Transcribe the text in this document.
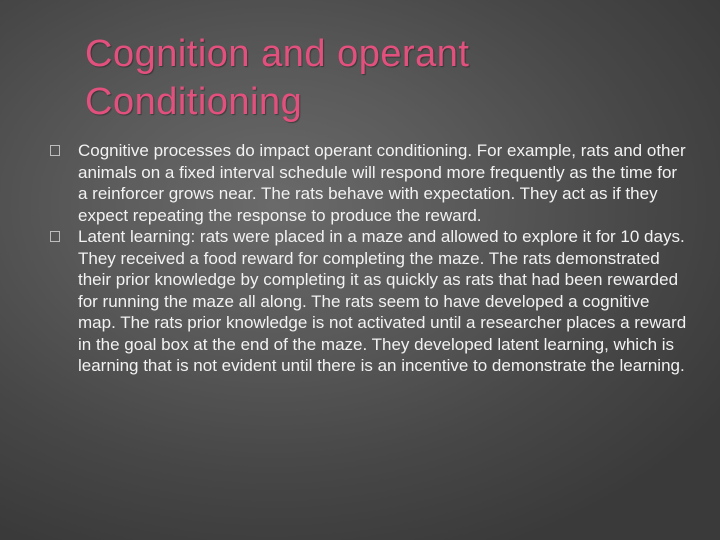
Cognition and operant
Conditioning
Cognitive processes do impact operant conditioning. For example, rats and other animals on a fixed interval schedule will respond more frequently as the time for a reinforcer grows near. The rats behave with expectation. They act as if they expect repeating the response to produce the reward.
Latent learning: rats were placed in a maze and allowed to explore it for 10 days. They received a food reward for completing the maze. The rats demonstrated their prior knowledge by completing it as quickly as rats that had been rewarded for running the maze all along. The rats seem to have developed a cognitive map. The rats prior knowledge is not activated until a researcher places a reward in the goal box at the end of the maze. They developed latent learning, which is learning that is not evident until there is an incentive to demonstrate the learning.
